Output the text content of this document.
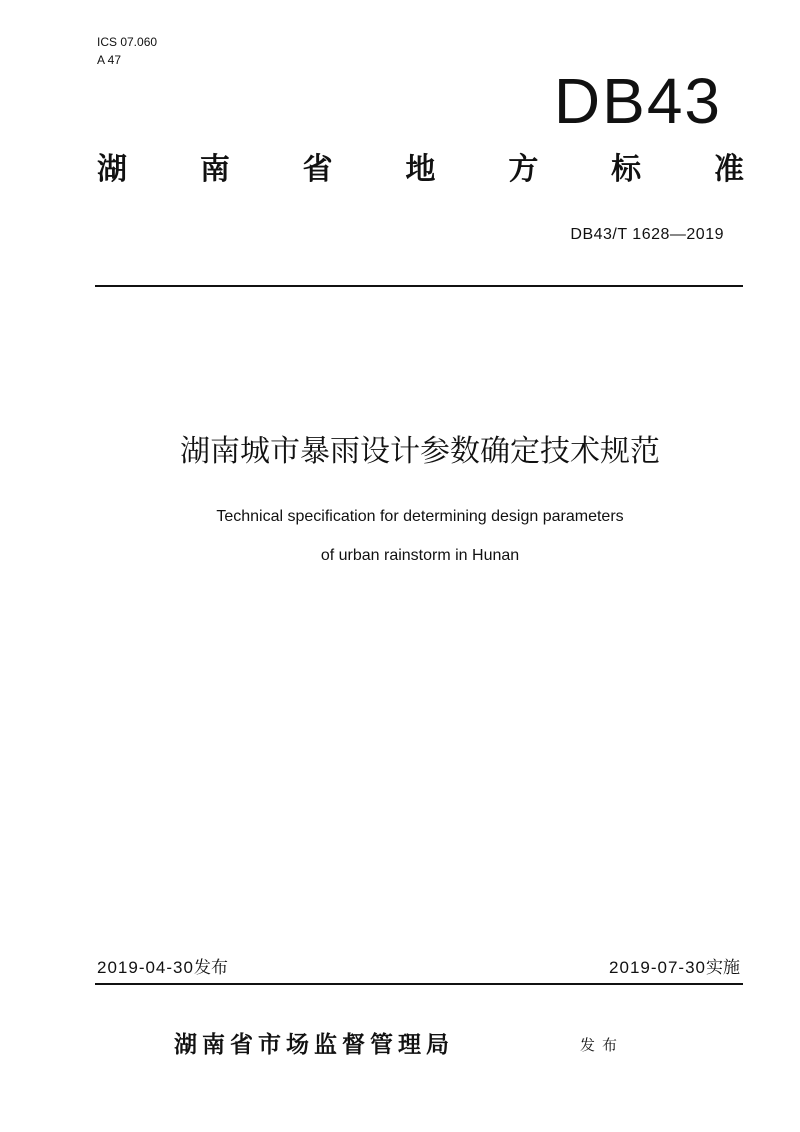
ICS 07.060
A 47
DB43
湖 南 省 地 方 标 准
DB43/T 1628—2019
湖南城市暴雨设计参数确定技术规范
Technical specification for determining design parameters
of urban rainstorm in Hunan
2019-04-30发布	2019-07-30实施
湖南省市场监督管理局	发布
